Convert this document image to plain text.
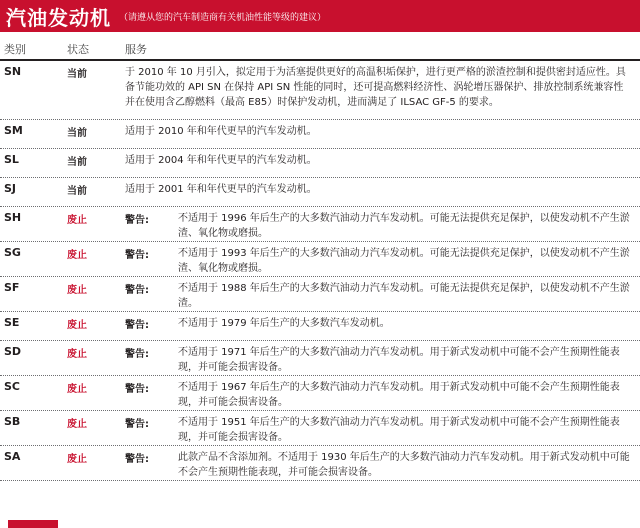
汽油发动机 （请遵从您的汽车制造商有关机油性能等级的建议）
类别	状态	服务
SN	当前	于 2010 年 10 月引入，拟定用于为活塞提供更好的高温积垢保护，进行更严格的淤渣控制和提供密封适应性。具备节能功效的 API SN 在保持 API SN 性能的同时，还可提高燃料经济性、涡轮增压器保护、排放控制系统兼容性并在使用含乙醇燃料（最高 E85）时保护发动机，进而满足了 ILSAC GF-5 的要求。
SM	当前	适用于 2010 年和年代更早的汽车发动机。
SL	当前	适用于 2004 年和年代更早的汽车发动机。
SJ	当前	适用于 2001 年和年代更早的汽车发动机。
SH	废止	警告:	不适用于 1996 年后生产的大多数汽油动力汽车发动机。可能无法提供充足保护，以使发动机不产生淤渣、氧化物或磨损。
SG	废止	警告:	不适用于 1993 年后生产的大多数汽油动力汽车发动机。可能无法提供充足保护，以使发动机不产生淤渣、氧化物或磨损。
SF	废止	警告:	不适用于 1988 年后生产的大多数汽油动力汽车发动机。可能无法提供充足保护，以使发动机不产生淤渣。
SE	废止	警告:	不适用于 1979 年后生产的大多数汽车发动机。
SD	废止	警告:	不适用于 1971 年后生产的大多数汽油动力汽车发动机。用于新式发动机中可能不会产生预期性能表现，并可能会损害设备。
SC	废止	警告:	不适用于 1967 年后生产的大多数汽油动力汽车发动机。用于新式发动机中可能不会产生预期性能表现，并可能会损害设备。
SB	废止	警告:	不适用于 1951 年后生产的大多数汽油动力汽车发动机。用于新式发动机中可能不会产生预期性能表现，并可能会损害设备。
SA	废止	警告:	此款产品不含添加剂。不适用于 1930 年后生产的大多数汽油动力汽车发动机。用于新式发动机中可能不会产生预期性能表现，并可能会损害设备。
